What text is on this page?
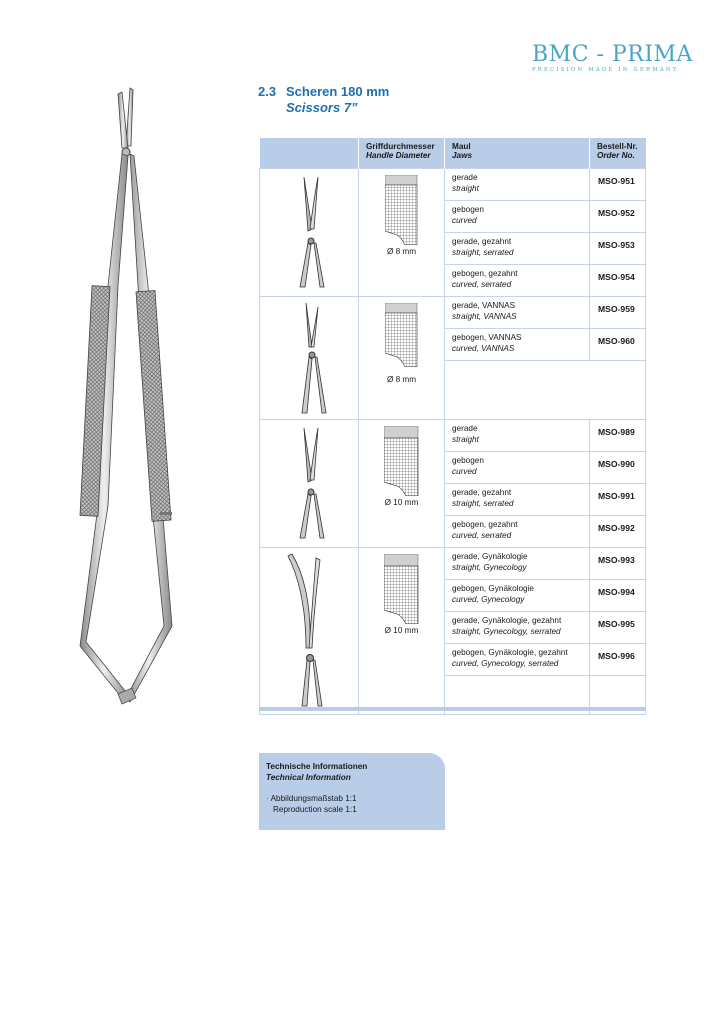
BMC - PRIMA
PRECISION MADE IN GERMANY
2.3 Scheren 180 mm
Scissors 7”
	Griffdurchmesser
Handle Diameter	Maul
Jaws	Bestell-Nr.
Order No.

Ø 8 mm	gerade
straight	MSO-951
		gebogen
curved	MSO-952
		gerade, gezahnt
straight, serrated	MSO-953
		gebogen, gezahnt
curved, serrated	MSO-954

Ø 8 mm	gerade, VANNAS
straight, VANNAS	MSO-959
		gebogen, VANNAS
curved, VANNAS	MSO-960

Ø 10 mm	gerade
straight	MSO-989
		gebogen
curved	MSO-990
		gerade, gezahnt
straight, serrated	MSO-991
		gebogen, gezahnt
curved, serrated	MSO-992

Ø 10 mm	gerade, Gynäkologie
straight, Gynecology	MSO-993
		gebogen, Gynäkologie
curved, Gynecology	MSO-994
		gerade, Gynäkologie, gezahnt
straight, Gynecology, serrated	MSO-995
		gebogen, Gynäkologie, gezahnt
curved, Gynecology, serrated	MSO-996

Technische Informationen
Technical Information
· Abbildungsmaßstab 1:1
Reproduction scale 1:1
